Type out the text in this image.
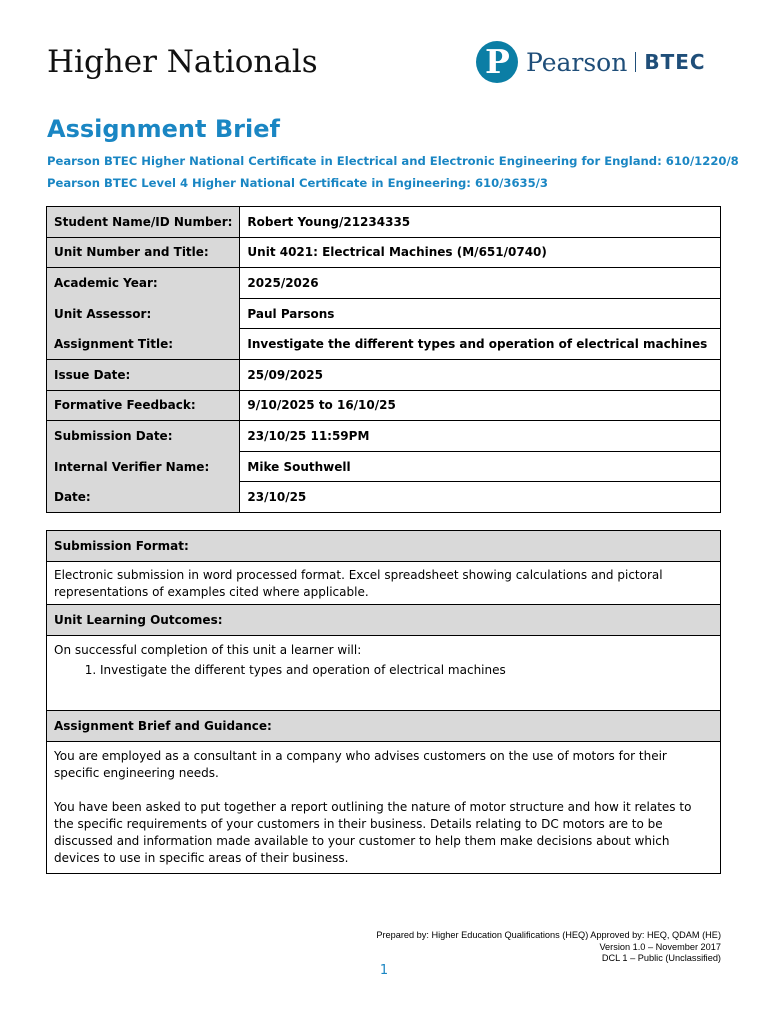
Higher Nationals	P Pearson BTEC
Assignment Brief
Pearson BTEC Higher National Certificate in Electrical and Electronic Engineering for England: 610/1220/8
Pearson BTEC Level 4 Higher National Certificate in Engineering: 610/3635/3
Student Name/ID Number:	Robert Young/21234335
Unit Number and Title:	Unit 4021: Electrical Machines (M/651/0740)
Academic Year:	2025/2026
Unit Assessor:	Paul Parsons
Assignment Title:	Investigate the different types and operation of electrical machines
Issue Date:	25/09/2025
Formative Feedback:	9/10/2025 to 16/10/25
Submission Date:	23/10/25 11:59PM
Internal Verifier Name:	Mike Southwell
Date:	23/10/25
Submission Format:

Electronic submission in word processed format. Excel spreadsheet showing calculations and pictoral representations of examples cited where applicable.

Unit Learning Outcomes:

On successful completion of this unit a learner will:
1. Investigate the different types and operation of electrical machines

Assignment Brief and Guidance:

You are employed as a consultant in a company who advises customers on the use of motors for their specific engineering needs.
You have been asked to put together a report outlining the nature of motor structure and how it relates to the specific requirements of your customers in their business. Details relating to DC motors are to be discussed and information made available to your customer to help them make decisions about which devices to use in specific areas of their business.
Prepared by: Higher Education Qualifications (HEQ) Approved by: HEQ, QDAM (HE)
Version 1.0 – November 2017
DCL 1 – Public (Unclassified)
1
